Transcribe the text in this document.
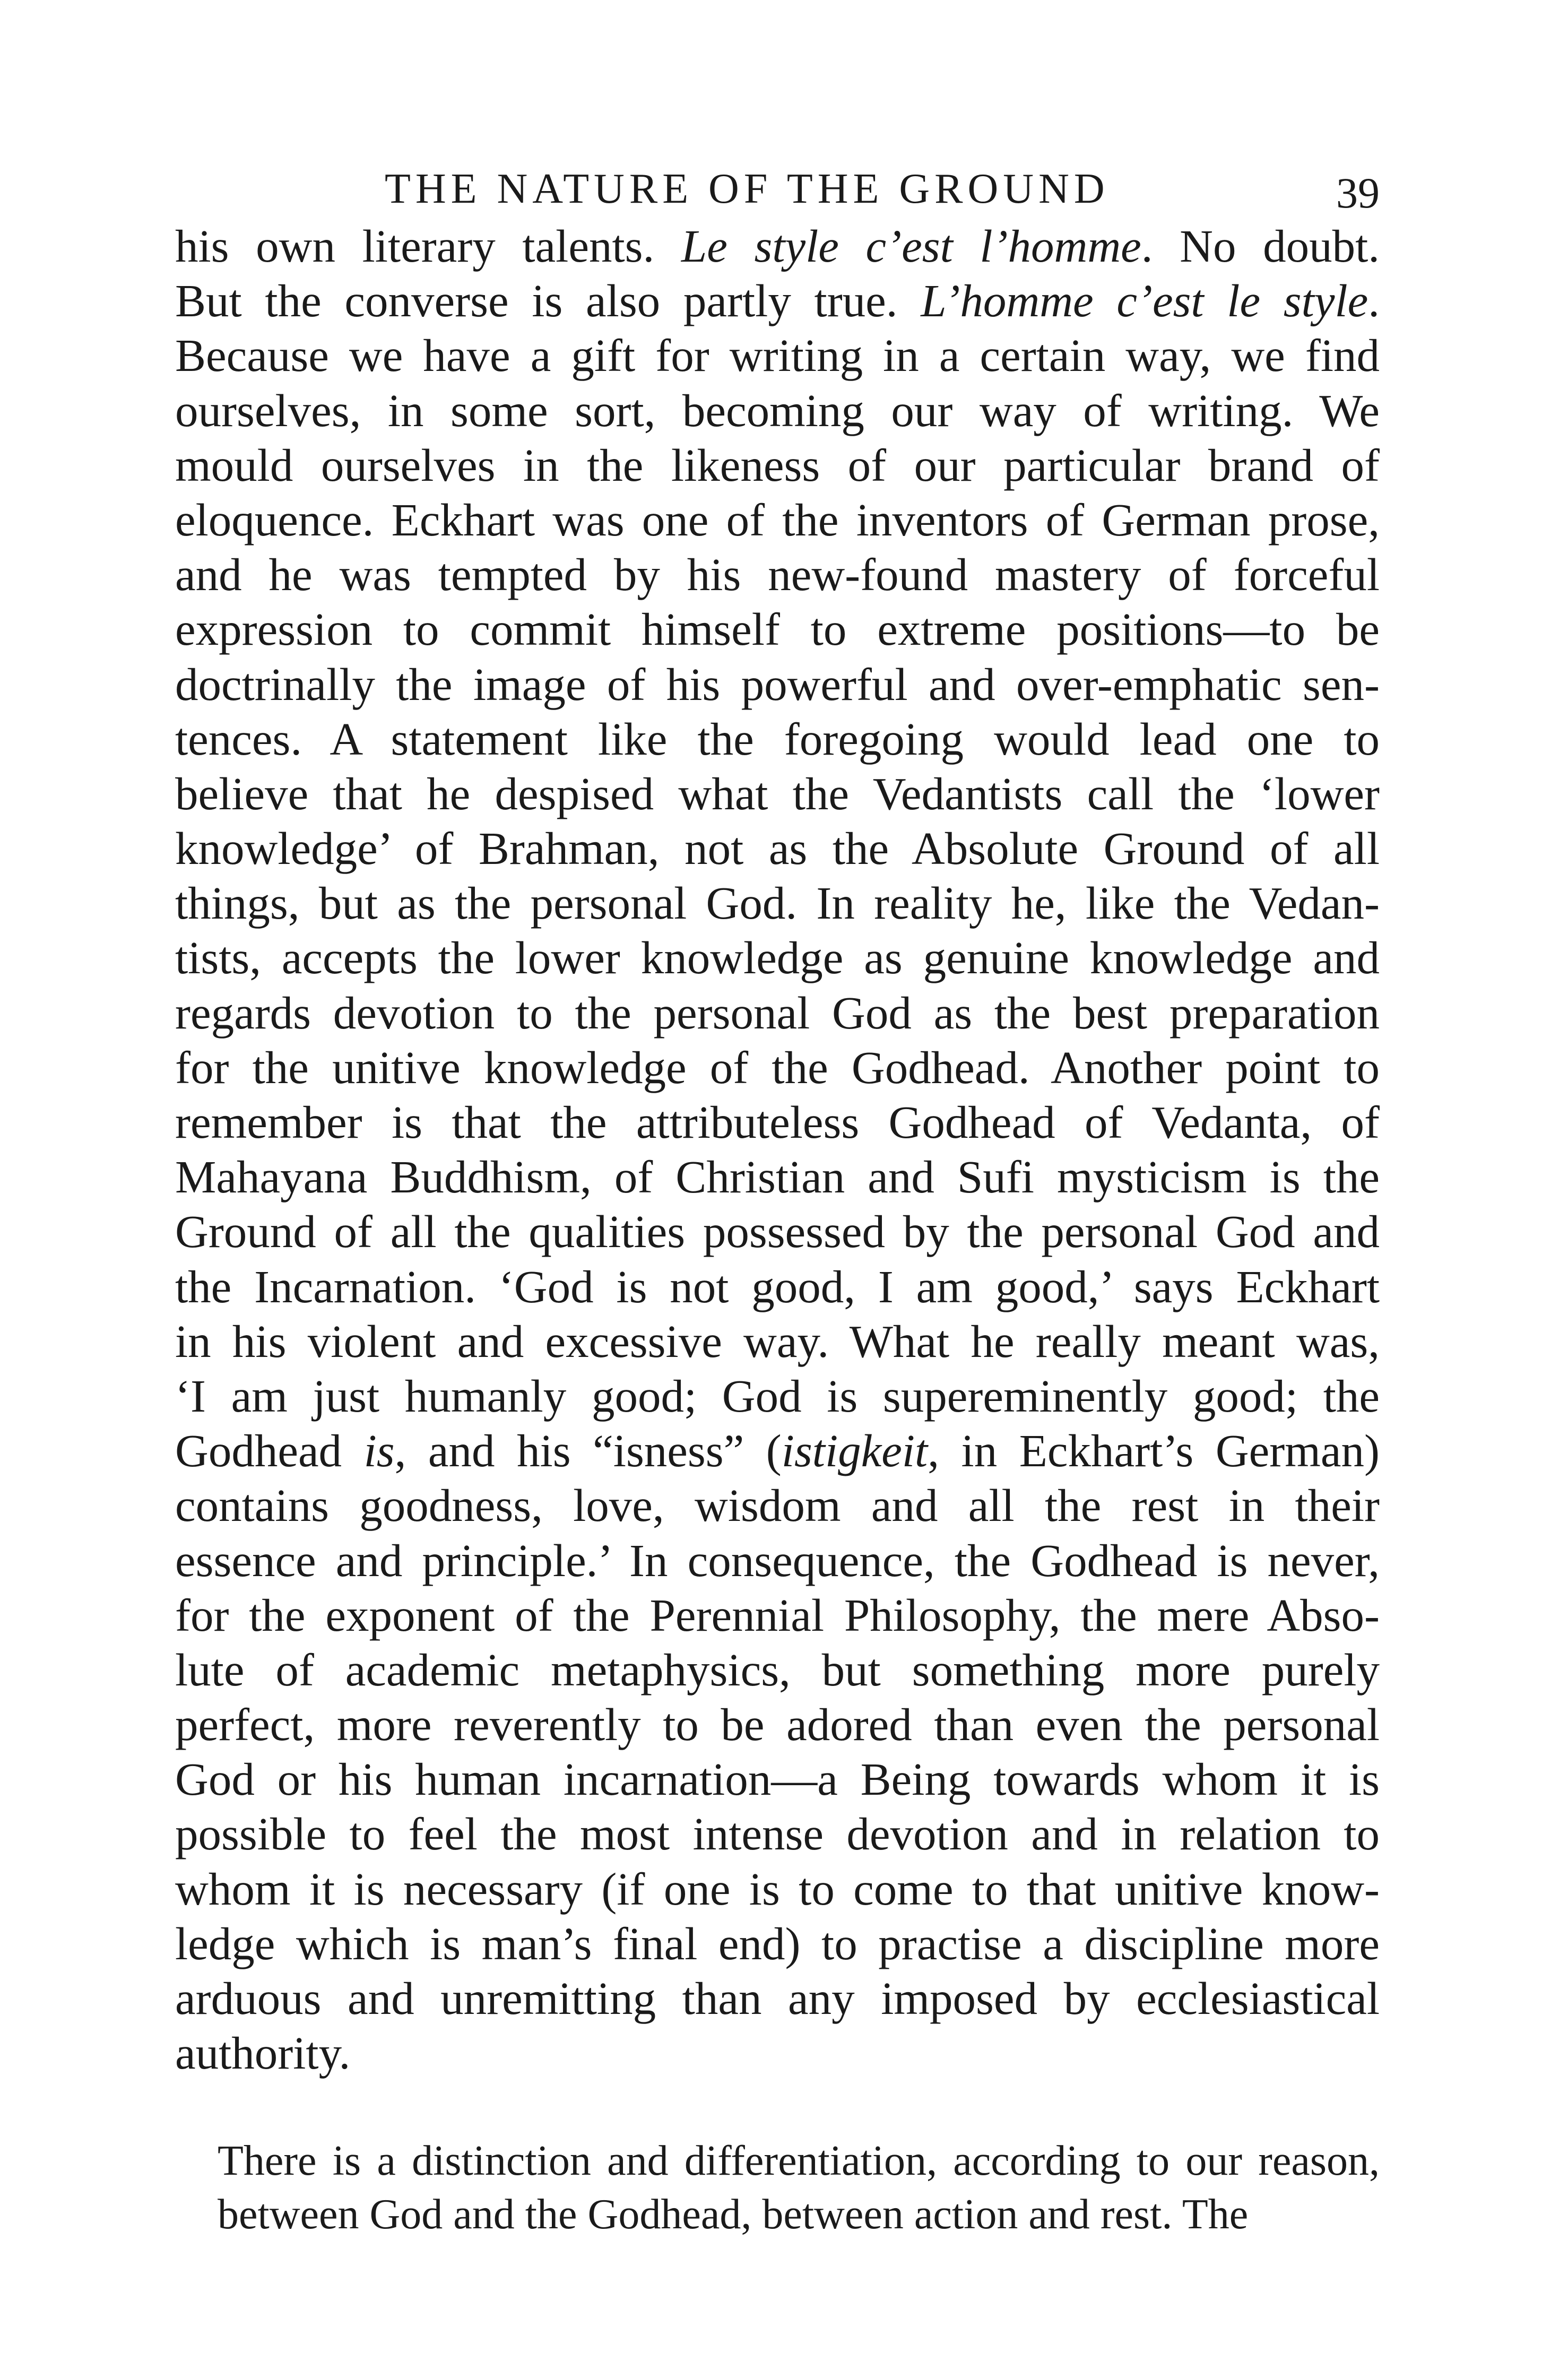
THE NATURE OF THE GROUND	39
his own literary talents. Le style c’est l’homme. No doubt.
But the converse is also partly true. L’homme c’est le style.
Because we have a gift for writing in a certain way, we find
ourselves, in some sort, becoming our way of writing. We
mould ourselves in the likeness of our particular brand of
eloquence. Eckhart was one of the inventors of German prose,
and he was tempted by his new-found mastery of forceful
expression to commit himself to extreme positions—to be
doctrinally the image of his powerful and over-emphatic sen-
tences. A statement like the foregoing would lead one to
believe that he despised what the Vedantists call the ‘lower
knowledge’ of Brahman, not as the Absolute Ground of all
things, but as the personal God. In reality he, like the Vedan-
tists, accepts the lower knowledge as genuine knowledge and
regards devotion to the personal God as the best preparation
for the unitive knowledge of the Godhead. Another point to
remember is that the attributeless Godhead of Vedanta, of
Mahayana Buddhism, of Christian and Sufi mysticism is the
Ground of all the qualities possessed by the personal God and
the Incarnation. ‘God is not good, I am good,’ says Eckhart
in his violent and excessive way. What he really meant was,
‘I am just humanly good; God is supereminently good; the
Godhead is, and his “isness” (istigkeit, in Eckhart’s German)
contains goodness, love, wisdom and all the rest in their
essence and principle.’ In consequence, the Godhead is never,
for the exponent of the Perennial Philosophy, the mere Abso-
lute of academic metaphysics, but something more purely
perfect, more reverently to be adored than even the personal
God or his human incarnation—a Being towards whom it is
possible to feel the most intense devotion and in relation to
whom it is necessary (if one is to come to that unitive know-
ledge which is man’s final end) to practise a discipline more
arduous and unremitting than any imposed by ecclesiastical
authority.
There is a distinction and differentiation, according to our reason,
between God and the Godhead, between action and rest. The
